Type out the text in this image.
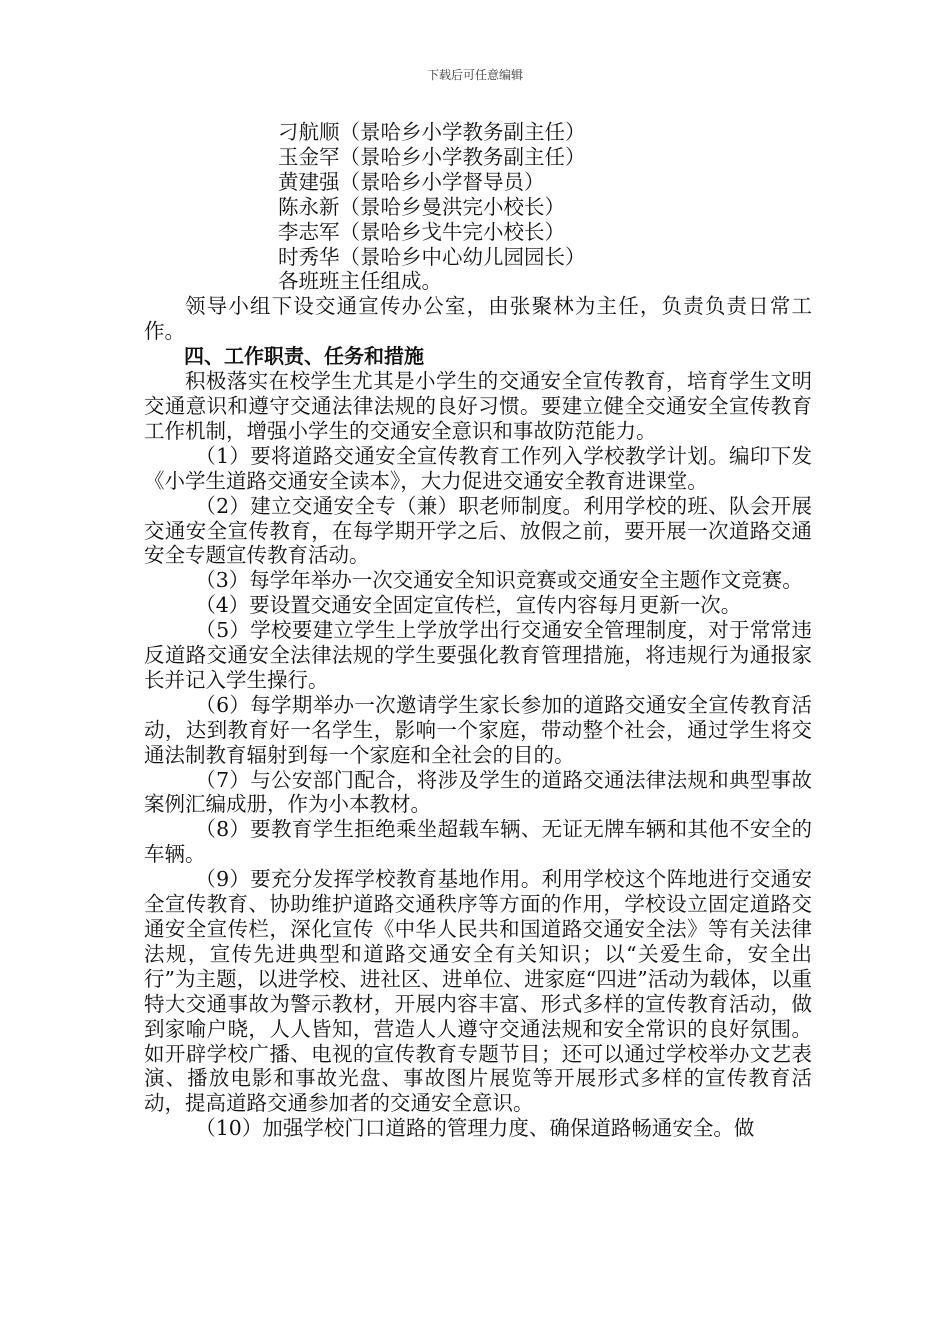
下载后可任意编辑
刁航顺（景哈乡小学教务副主任）
玉金罕（景哈乡小学教务副主任）
黄建强（景哈乡小学督导员）
陈永新（景哈乡曼洪完小校长）
李志军（景哈乡戈牛完小校长）
时秀华（景哈乡中心幼儿园园长）
各班班主任组成。

领导小组下设交通宣传办公室，由张聚林为主任，负责负责日常工作。

四、工作职责、任务和措施

积极落实在校学生尤其是小学生的交通安全宣传教育，培育学生文明交通意识和遵守交通法律法规的良好习惯。要建立健全交通安全宣传教育工作机制，增强小学生的交通安全意识和事故防范能力。

（1）要将道路交通安全宣传教育工作列入学校教学计划。编印下发《小学生道路交通安全读本》，大力促进交通安全教育进课堂。

（2）建立交通安全专（兼）职老师制度。利用学校的班、队会开展交通安全宣传教育，在每学期开学之后、放假之前，要开展一次道路交通安全专题宣传教育活动。

（3）每学年举办一次交通安全知识竞赛或交通安全主题作文竞赛。

（4）要设置交通安全固定宣传栏，宣传内容每月更新一次。

（5）学校要建立学生上学放学出行交通安全管理制度，对于常常违反道路交通安全法律法规的学生要强化教育管理措施，将违规行为通报家长并记入学生操行。

（6）每学期举办一次邀请学生家长参加的道路交通安全宣传教育活动，达到教育好一名学生，影响一个家庭，带动整个社会，通过学生将交通法制教育辐射到每一个家庭和全社会的目的。

（7）与公安部门配合，将涉及学生的道路交通法律法规和典型事故案例汇编成册，作为小本教材。

（8）要教育学生拒绝乘坐超载车辆、无证无牌车辆和其他不安全的车辆。

（9）要充分发挥学校教育基地作用。利用学校这个阵地进行交通安全宣传教育、协助维护道路交通秩序等方面的作用，学校设立固定道路交通安全宣传栏，深化宣传《中华人民共和国道路交通安全法》等有关法律法规，宣传先进典型和道路交通安全有关知识；以“关爱生命，安全出行”为主题，以进学校、进社区、进单位、进家庭“四进”活动为载体，以重特大交通事故为警示教材，开展内容丰富、形式多样的宣传教育活动，做到家喻户晓，人人皆知，营造人人遵守交通法规和安全常识的良好氛围。如开辟学校广播、电视的宣传教育专题节目；还可以通过学校举办文艺表演、播放电影和事故光盘、事故图片展览等开展形式多样的宣传教育活动，提高道路交通参加者的交通安全意识。

（10）加强学校门口道路的管理力度、确保道路畅通安全。做
